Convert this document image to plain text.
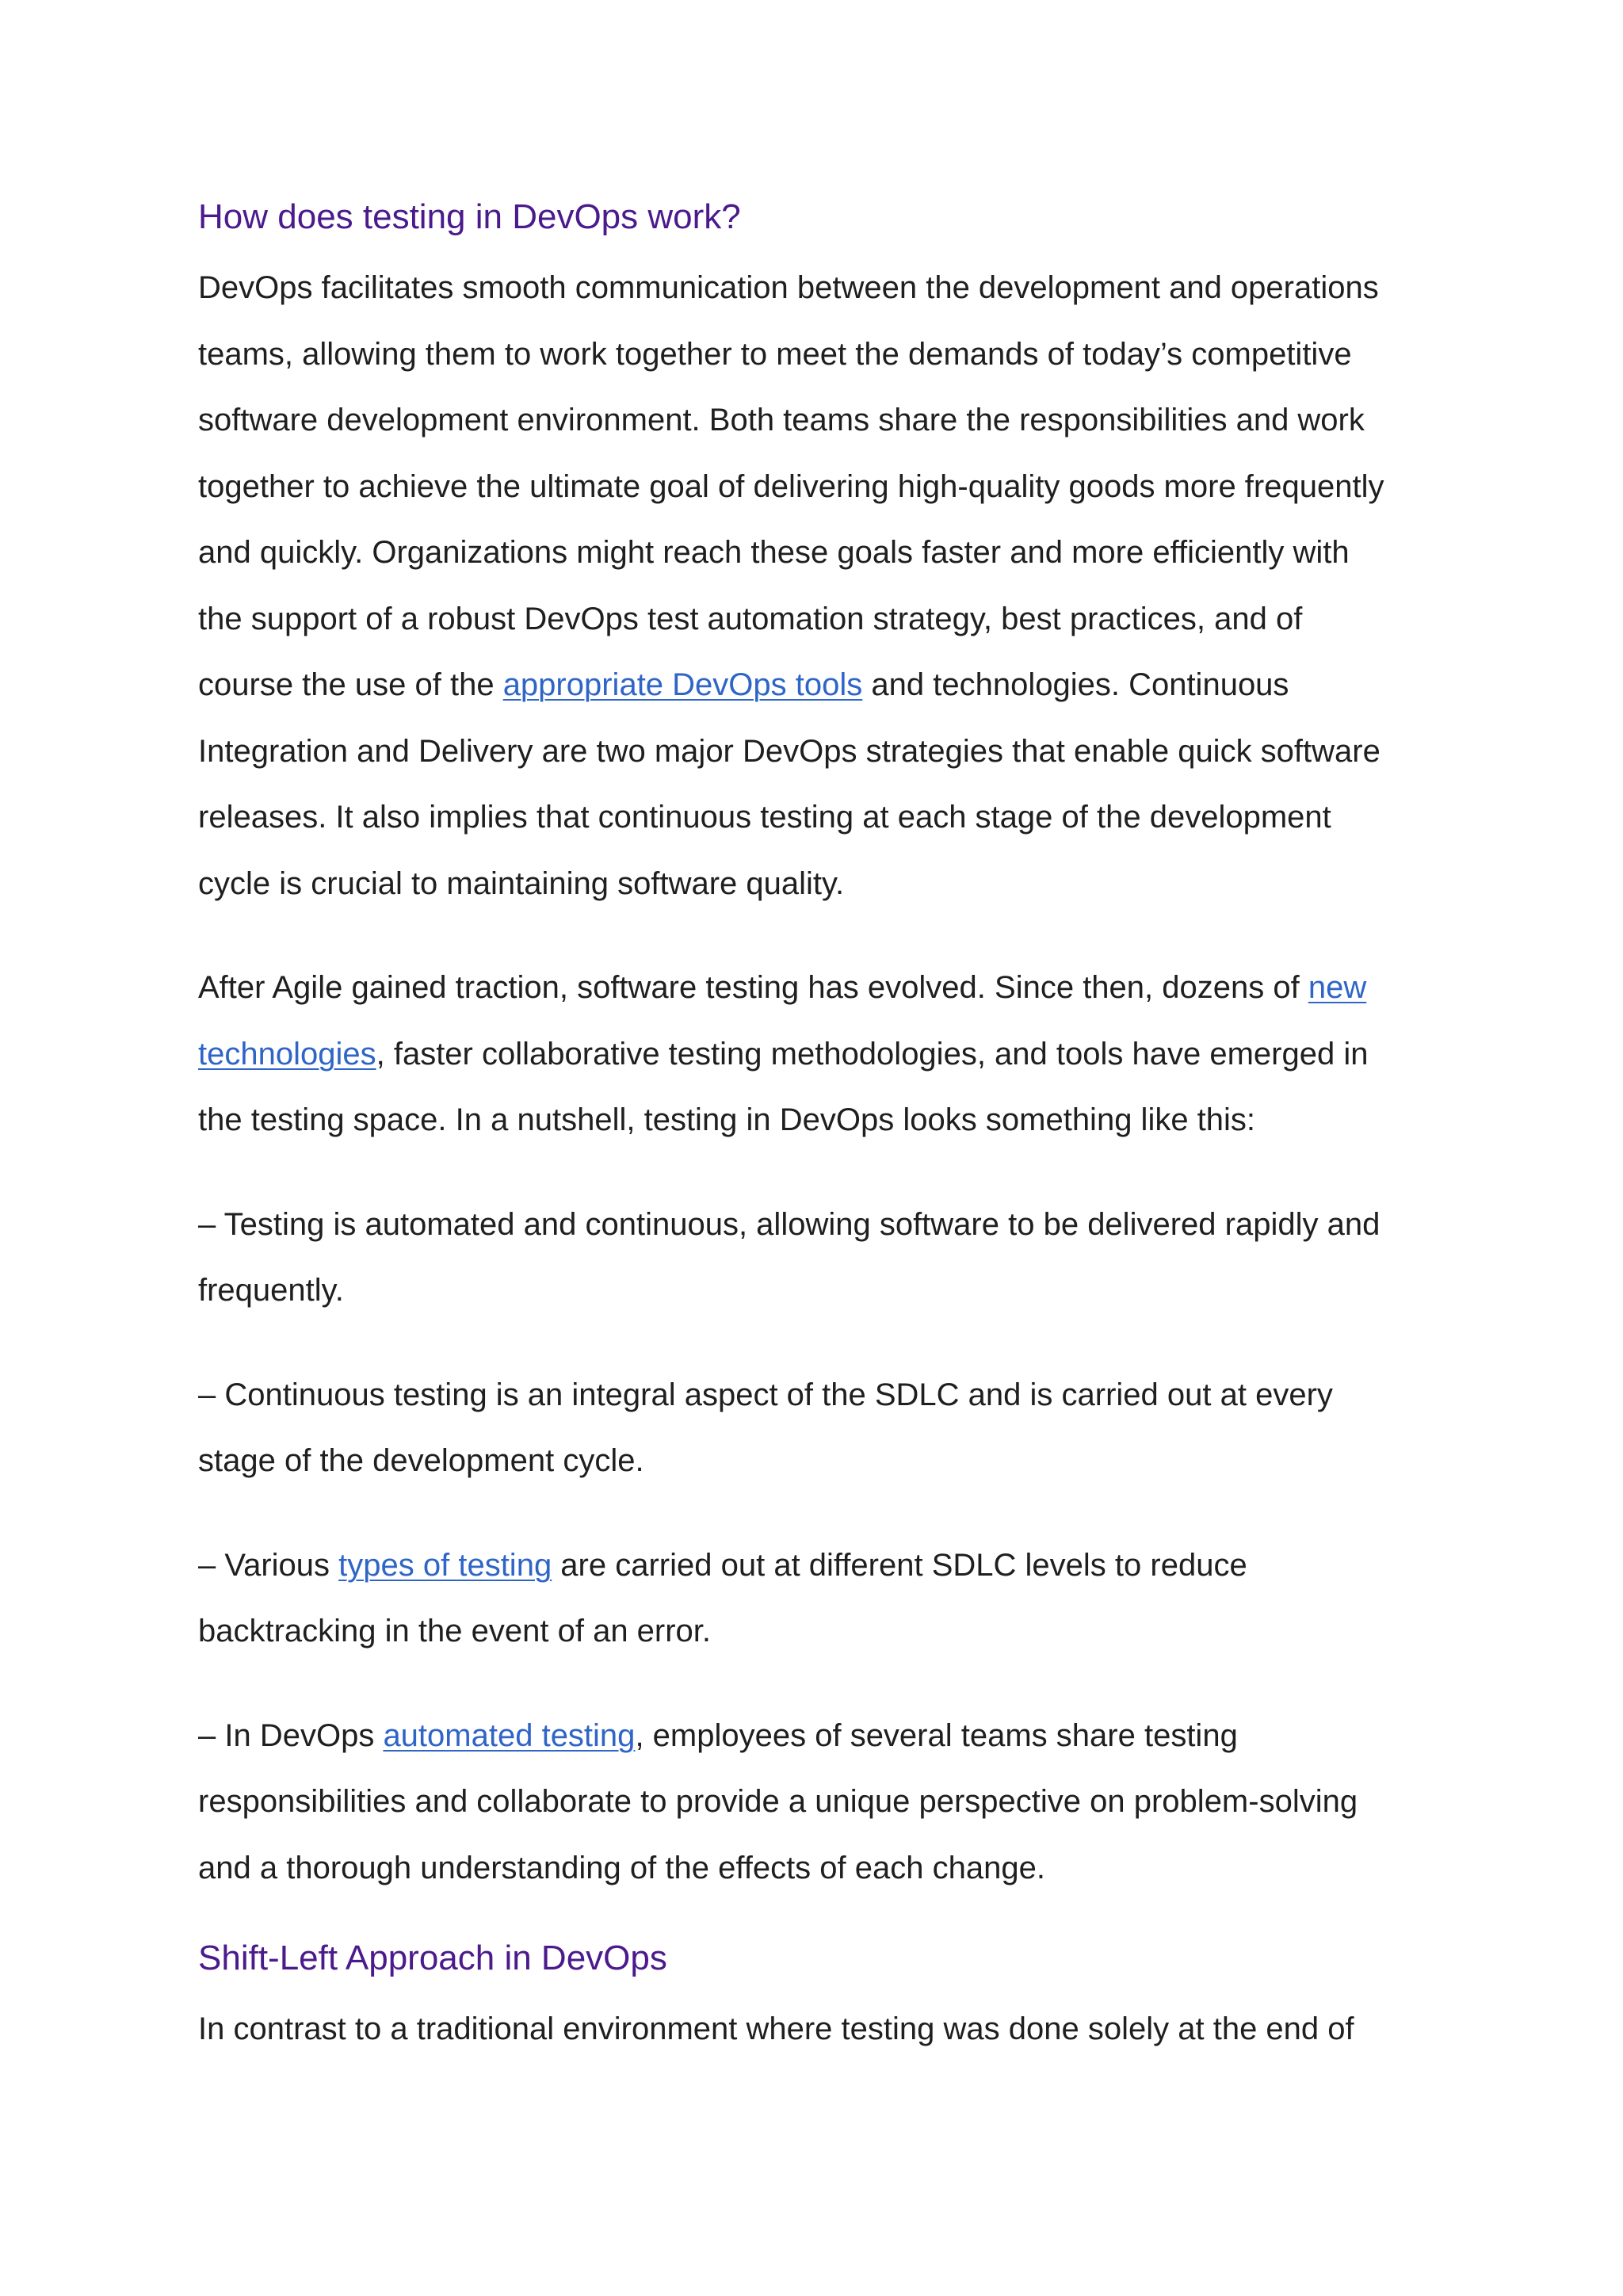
How does testing in DevOps work?

DevOps facilitates smooth communication between the development and operations
teams, allowing them to work together to meet the demands of today’s competitive
software development environment. Both teams share the responsibilities and work
together to achieve the ultimate goal of delivering high-quality goods more frequently
and quickly. Organizations might reach these goals faster and more efficiently with
the support of a robust DevOps test automation strategy, best practices, and of
course the use of the appropriate DevOps tools and technologies. Continuous
Integration and Delivery are two major DevOps strategies that enable quick software
releases. It also implies that continuous testing at each stage of the development
cycle is crucial to maintaining software quality.

After Agile gained traction, software testing has evolved. Since then, dozens of new
technologies, faster collaborative testing methodologies, and tools have emerged in
the testing space. In a nutshell, testing in DevOps looks something like this:

– Testing is automated and continuous, allowing software to be delivered rapidly and
frequently.

– Continuous testing is an integral aspect of the SDLC and is carried out at every
stage of the development cycle.

– Various types of testing are carried out at different SDLC levels to reduce
backtracking in the event of an error.

– In DevOps automated testing, employees of several teams share testing
responsibilities and collaborate to provide a unique perspective on problem-solving
and a thorough understanding of the effects of each change.

Shift-Left Approach in DevOps

In contrast to a traditional environment where testing was done solely at the end of
